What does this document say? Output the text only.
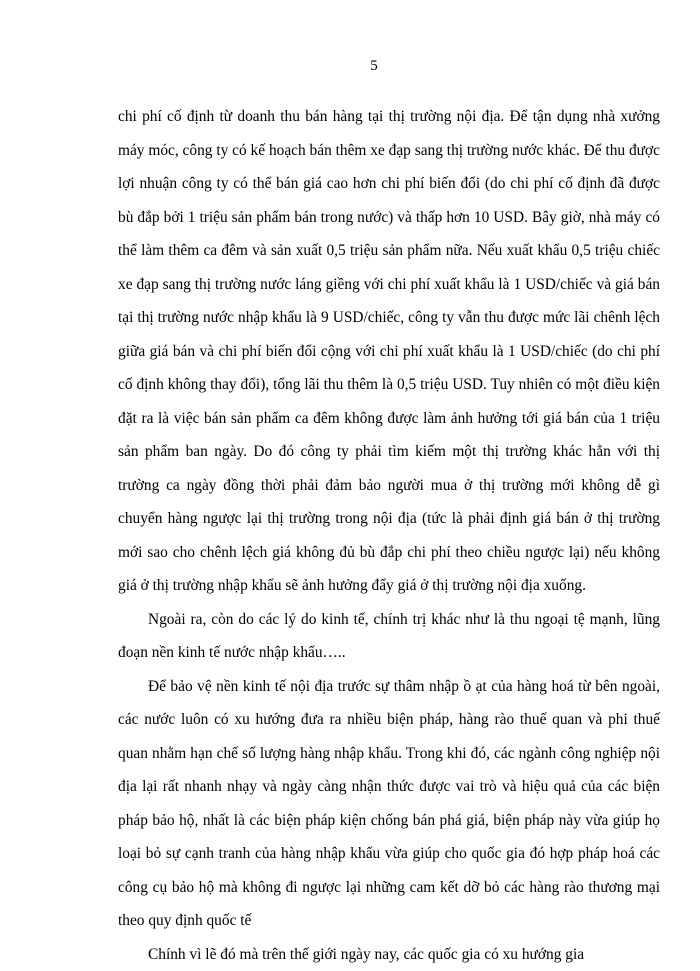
5

chi phí cố định từ doanh thu bán hàng tại thị trường nội địa. Để tận dụng nhà xưởng máy móc, công ty có kế hoạch bán thêm xe đạp sang thị trường nước khác. Để thu được lợi nhuận công ty có thể bán giá cao hơn chi phí biến đổi (do chi phí cố định đã được bù đắp bởi 1 triệu sản phẩm bán trong nước) và thấp hơn 10 USD. Bây giờ, nhà máy có thể làm thêm ca đêm và sản xuất 0,5 triệu sản phẩm nữa. Nếu xuất khẩu 0,5 triệu chiếc xe đạp sang thị trường nước láng giềng với chi phí xuất khẩu là 1 USD/chiếc và giá bán tại thị trường nước nhập khẩu là 9 USD/chiếc, công ty vẫn thu được mức lãi chênh lệch giữa giá bán và chi phí biến đổi cộng với chi phí xuất khẩu là 1 USD/chiếc (do chi phí cố định không thay đổi), tổng lãi thu thêm là 0,5 triệu USD. Tuy nhiên có một điều kiện đặt ra là việc bán sản phẩm ca đêm không được làm ảnh hưởng tới giá bán của 1 triệu sản phẩm ban ngày. Do đó công ty phải tìm kiếm một thị trường khác hẳn với thị trường ca ngày đồng thời phải đảm bảo người mua ở thị trường mới không dễ gì chuyển hàng ngược lại thị trường trong nội địa (tức là phải định giá bán ở thị trường mới sao cho chênh lệch giá không đủ bù đắp chi phí theo chiều ngược lại) nếu không giá ở thị trường nhập khẩu sẽ ảnh hưởng đẩy giá ở thị trường nội địa xuống.

Ngoài ra, còn do các lý do kinh tế, chính trị khác như là thu ngoại tệ mạnh, lũng đoạn nền kinh tế nước nhập khẩu…..

Để bảo vệ nền kinh tế nội địa trước sự thâm nhập ồ ạt của hàng hoá từ bên ngoài, các nước luôn có xu hướng đưa ra nhiều biện pháp, hàng rào thuế quan và phi thuế quan nhằm hạn chế số lượng hàng nhập khẩu. Trong khi đó, các ngành công nghiệp nội địa lại rất nhanh nhạy và ngày càng nhận thức được vai trò và hiệu quả của các biện pháp bảo hộ, nhất là các biện pháp kiện chống bán phá giá, biện pháp này vừa giúp họ loại bỏ sự cạnh tranh của hàng nhập khẩu vừa giúp cho quốc gia đó hợp pháp hoá các công cụ bảo hộ mà không đi ngược lại những cam kết dỡ bỏ các hàng rào thương mại theo quy định quốc tế

Chính vì lẽ đó mà trên thế giới ngày nay, các quốc gia có xu hướng gia
